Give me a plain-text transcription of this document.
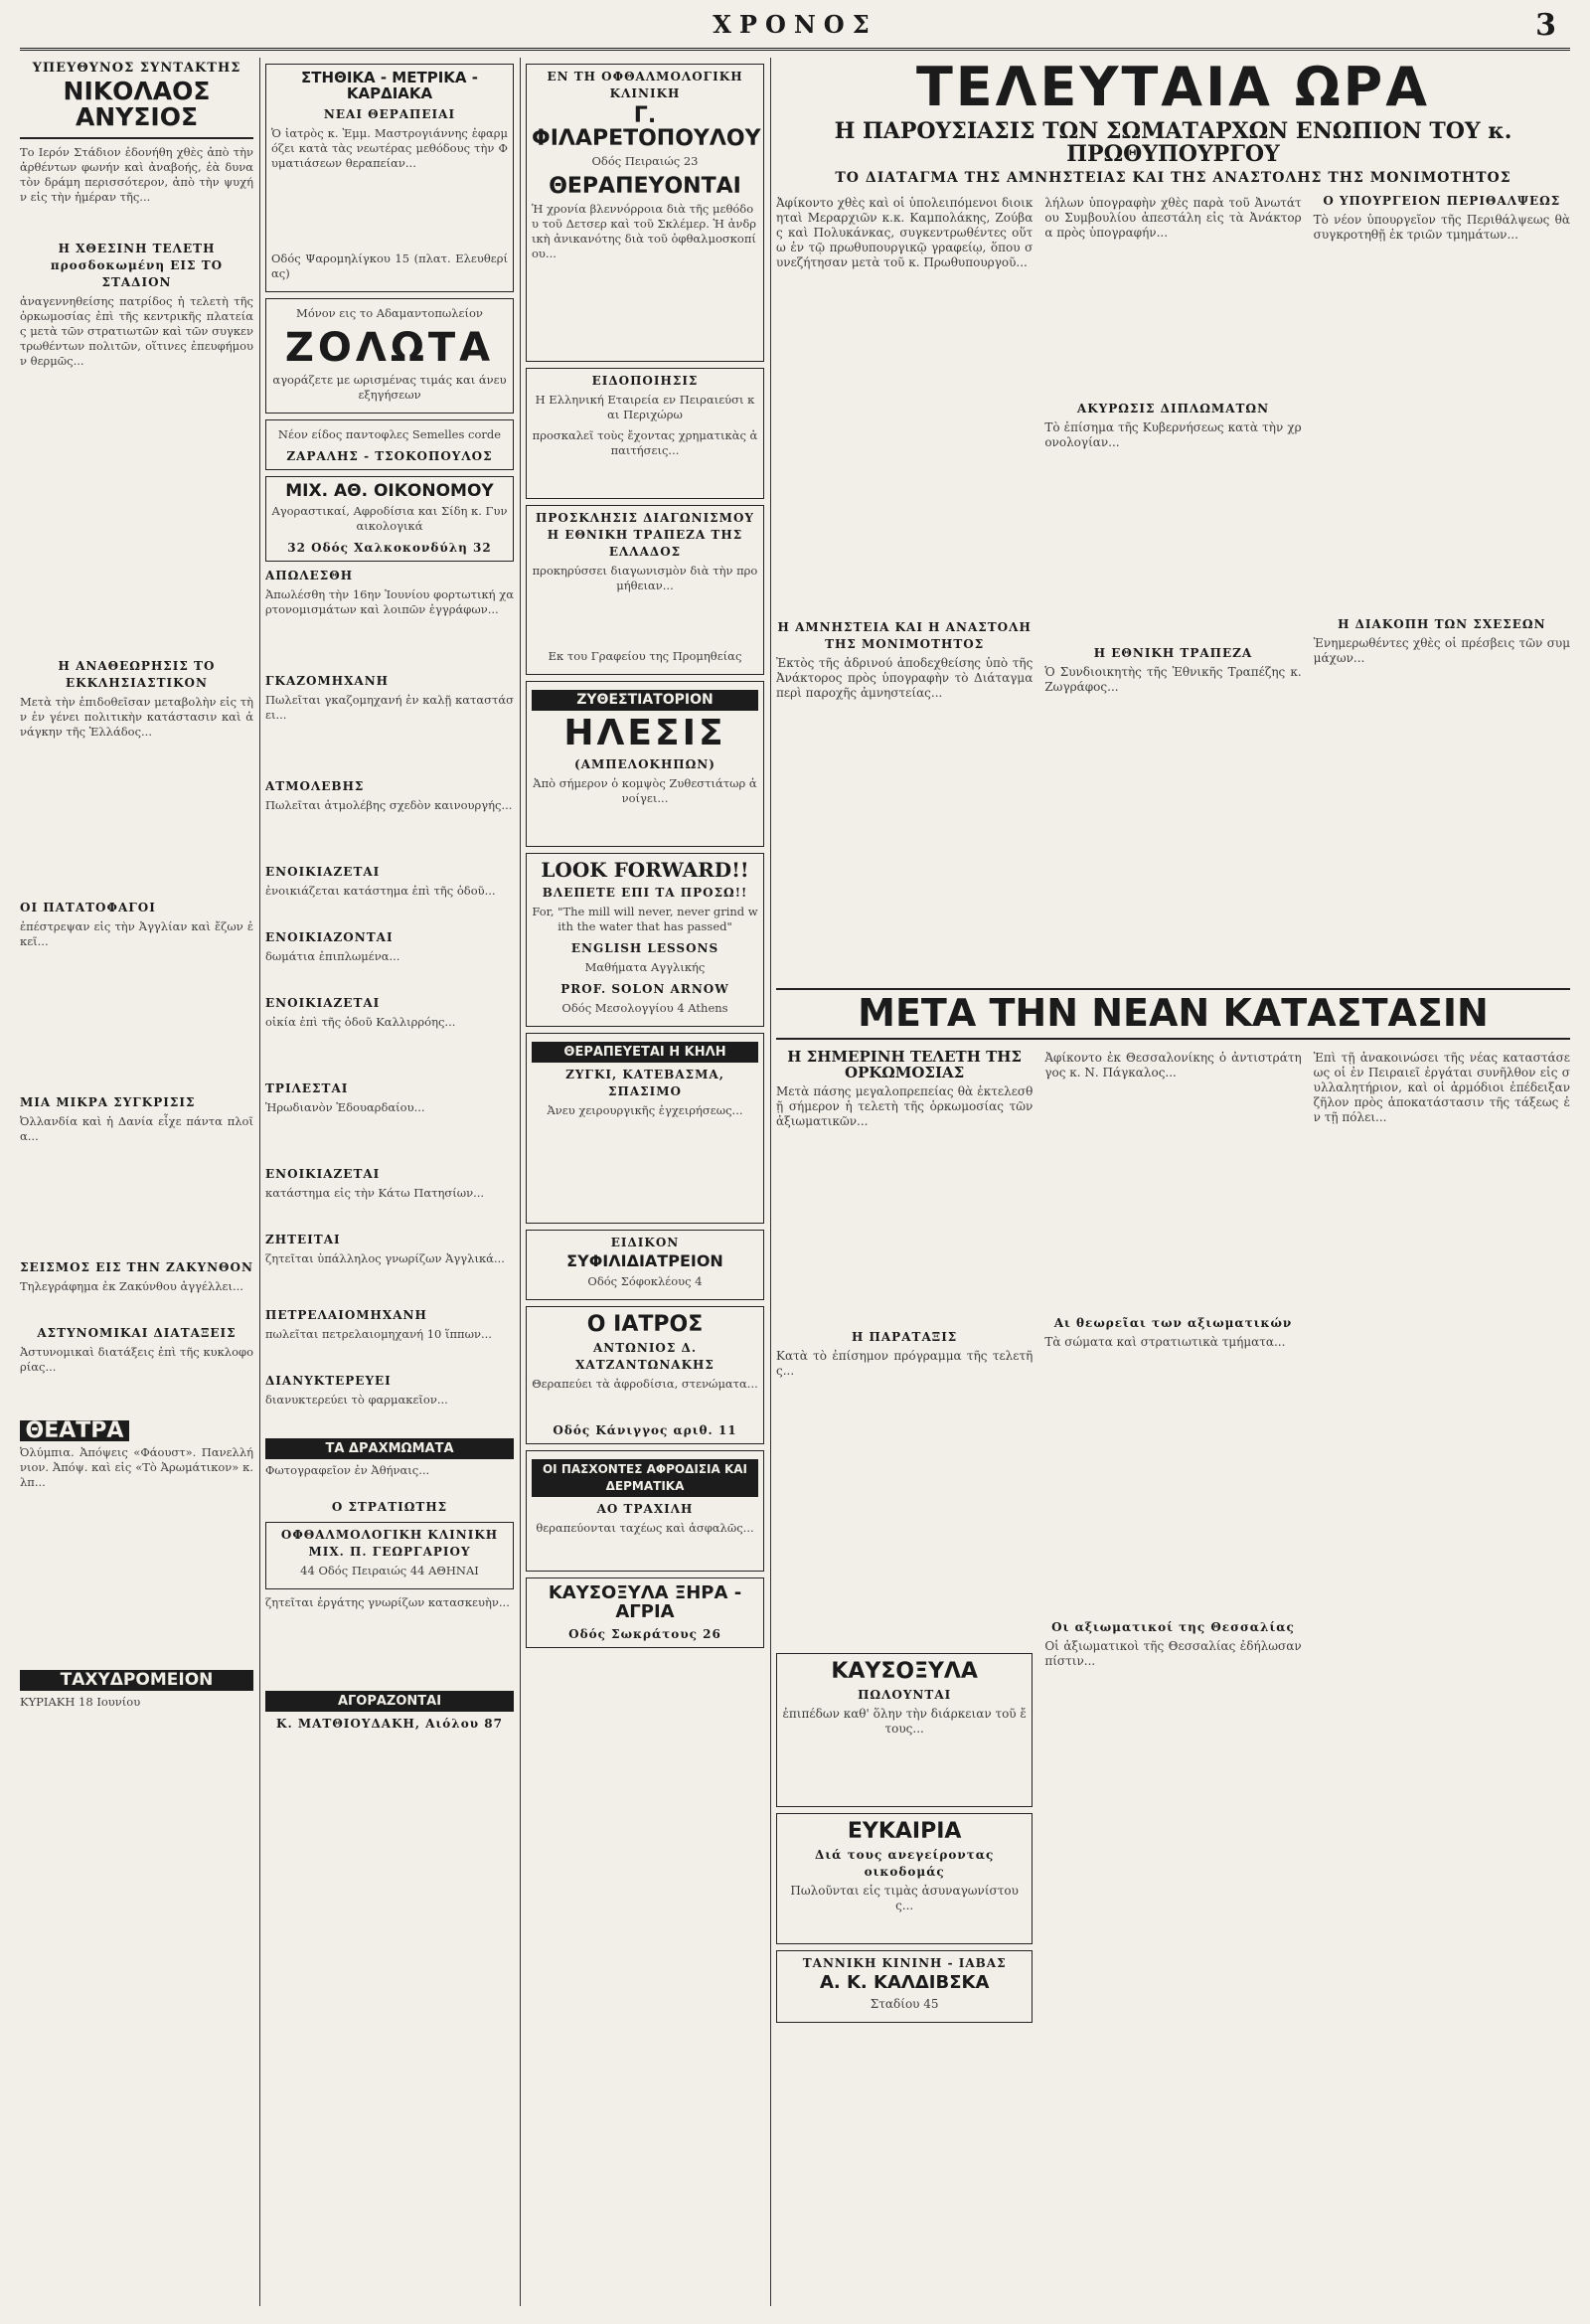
ΧΡΟΝΟΣ	3
ΥΠΕΥΘΥΝΟΣ ΣΥΝΤΑΚΤΗΣ
ΝΙΚΟΛΑΟΣ ΑΝΥΣΙΟΣ
Το Ιερόν Στάδιον ἐδονήθη χθὲς ἀπὸ τὴν ἀρθέντων φωνήν καὶ ἀναβοής, ἐὰ δυνατὸν δράμη περισσότερον, ἀπὸ τὴν ψυχήν εἰς τὴν ἡμέραν τῆς...
Η ΧΘΕΣΙΝΗ ΤΕΛΕΤΗ προσδοκωμένη ΕΙΣ ΤΟ ΣΤΑΔΙΟΝ
ἀναγεννηθείσης πατρίδος ἡ τελετὴ τῆς ὁρκωμοσίας ἐπὶ τῆς κεντρικῆς πλατείας μετὰ τῶν στρατιωτῶν καὶ τῶν συγκεντρωθέντων πολιτῶν, οἵτινες ἐπευφήμουν θερμῶς...
Η ΑΝΑΘΕΩΡΗΣΙΣ ΤΟ ΕΚΚΛΗΣΙΑΣΤΙΚΟΝ
Μετὰ τὴν ἐπιδοθεῖσαν μεταβολὴν εἰς τὴν ἐν γένει πολιτικὴν κατάστασιν καὶ ἀνάγκην τῆς Ἑλλάδος...
ΟΙ ΠΑΤΑΤΟΦΑΓΟΙ
ἐπέστρεψαν εἰς τὴν Ἀγγλίαν καὶ ἔζων ἐκεῖ...
ΜΙΑ ΜΙΚΡΑ ΣΥΓΚΡΙΣΙΣ
Ὀλλανδία καὶ ἡ Δανία εἶχε πάντα πλοῖα...
ΣΕΙΣΜΟΣ ΕΙΣ ΤΗΝ ΖΑΚΥΝΘΟΝ
Τηλεγράφημα ἐκ Ζακύνθου ἀγγέλλει...
ΑΣΤΥΝΟΜΙΚΑΙ ΔΙΑΤΑΞΕΙΣ
Ἀστυνομικαὶ διατάξεις ἐπὶ τῆς κυκλοφορίας...
ΘΕΑΤΡΑ
Ὀλύμπια. Ἀπόψεις «Φάουστ». Πανελλήνιον. Ἀπόψ. καὶ εἰς «Τὸ Ἀρωμάτικον» κ.λπ...
ΤΑΧΥΔΡΟΜΕΙΟΝ
ΚΥΡΙΑΚΗ 18 Ιουνίου
ΣΤΗΘΙΚΑ - ΜΕΤΡΙΚΑ - ΚΑΡΔΙΑΚΑ
ΝΕΑΙ ΘΕΡΑΠΕΙΑΙ
Ὁ ἰατρὸς κ. Ἐμμ. Μαστρογιάννης ἐφαρμόζει κατὰ τὰς νεωτέρας μεθόδους τὴν Φυματιάσεων θεραπείαν...
Οδός Ψαρομηλίγκου 15 (πλατ. Ελευθερίας)
Μόνον εις το Αδαμαντοπωλείον
ΖΟΛΩΤΑ
αγοράζετε με ωρισμένας τιμάς και άνευ εξηγήσεων
Νέον είδος παντοφλες Semelles corde
ΖΑΡΑΛΗΣ - ΤΣΟΚΟΠΟΥΛΟΣ
ΜΙΧ. ΑΘ. ΟΙΚΟΝΟΜΟΥ
Αγοραστικαί, Αφροδίσια και Σίδη κ. Γυναικολογικά
32 Οδός Χαλκοκονδύλη 32
ΑΠΩΛΕΣΘΗ
Ἀπωλέσθη τὴν 16ην Ἰουνίου φορτωτική χαρτονομισμάτων καὶ λοιπῶν ἐγγράφων...
ΓΚΑΖΟΜΗΧΑΝΗ
Πωλεῖται γκαζομηχανή ἐν καλῇ καταστάσει...
ΑΤΜΟΛΕΒΗΣ
Πωλεῖται ἀτμολέβης σχεδὸν καινουργής...
ΕΝΟΙΚΙΑΖΕΤΑΙ
ἐνοικιάζεται κατάστημα ἐπὶ τῆς ὁδοῦ...
ΕΝΟΙΚΙΑΖΟΝΤΑΙ
δωμάτια ἐπιπλωμένα...
ΕΝΟΙΚΙΑΖΕΤΑΙ
οἰκία ἐπὶ τῆς ὁδοῦ Καλλιρρόης...
ΤΡΙΛΕΣΤΑΙ
Ἡρωδιανὸν Ἐδουαρδαίου...
ΕΝΟΙΚΙΑΖΕΤΑΙ
κατάστημα εἰς τὴν Κάτω Πατησίων...
ΖΗΤΕΙΤΑΙ
ζητεῖται ὑπάλληλος γνωρίζων Ἀγγλικά...
ΠΕΤΡΕΛΑΙΟΜΗΧΑΝΗ
πωλεῖται πετρελαιομηχανή 10 ἵππων...
ΔΙΑΝΥΚΤΕΡΕΥΕΙ
διανυκτερεύει τὸ φαρμακεῖον...
ΤΑ ΔΡΑΧΜΩΜΑΤΑ
Φωτογραφεῖον ἐν Ἀθήναις...
Ο ΣΤΡΑΤΙΩΤΗΣ
ΟΦΘΑΛΜΟΛΟΓΙΚΗ ΚΛΙΝΙΚΗ ΜΙΧ. Π. ΓΕΩΡΓΑΡΙΟΥ
44 Οδός Πειραιώς 44 ΑΘΗΝΑΙ
ζητεῖται ἐργάτης γνωρίζων κατασκευὴν...
ΑΓΟΡΑΖΟΝΤΑΙ
Κ. ΜΑΤΘΙΟΥΔΑΚΗ, Αιόλου 87
ΕΝ ΤΗ ΟΦΘΑΛΜΟΛΟΓΙΚΗ ΚΛΙΝΙΚΗ
Γ. ΦΙΛΑΡΕΤΟΠΟΥΛΟΥ
Οδός Πειραιώς 23
ΘΕΡΑΠΕΥΟΝΤΑΙ
Ἡ χρονία βλεννόρροια διὰ τῆς μεθόδου τοῦ Δετσερ καὶ τοῦ Σκλέμερ. Ἡ ἀνδρικὴ ἀνικανότης διὰ τοῦ ὀφθαλμοσκοπίου...
ΕΙΔΟΠΟΙΗΣΙΣ
Η Ελληνική Εταιρεία εν Πειραιεύσι και Περιχώρω
προσκαλεῖ τοὺς ἔχοντας χρηματικὰς ἀπαιτήσεις...
ΠΡΟΣΚΛΗΣΙΣ ΔΙΑΓΩΝΙΣΜΟΥ
Η ΕΘΝΙΚΗ ΤΡΑΠΕΖΑ ΤΗΣ ΕΛΛΑΔΟΣ
προκηρύσσει διαγωνισμὸν διὰ τὴν προμήθειαν...
Εκ του Γραφείου της Προμηθείας
ΖΥΘΕΣΤΙΑΤΟΡΙΟΝ
ΗΛΕΣΙΣ
(ΑΜΠΕΛΟΚΗΠΩΝ)
Ἀπὸ σήμερον ὁ κομψὸς Ζυθεστιάτωρ ἀνοίγει...
LOOK FORWARD!!
ΒΛΕΠΕΤΕ ΕΠΙ ΤΑ ΠΡΟΣΩ!!
For, "The mill will never, never grind with the water that has passed"
ENGLISH LESSONS
Μαθήματα Αγγλικής
PROF. SOLON ARNOW
Οδός Μεσολογγίου 4 Athens
ΘΕΡΑΠΕΥΕΤΑΙ Η ΚΗΛΗ
ΖΥΓΚΙ, ΚΑΤΕΒΑΣΜΑ, ΣΠΑΣΙΜΟ
Ἀνευ χειρουργικῆς ἐγχειρήσεως...
ΕΙΔΙΚΟΝ
ΣΥΦΙΛΙΔΙΑΤΡΕΙΟΝ
Οδός Σόφοκλέους 4
Ο ΙΑΤΡΟΣ
ΑΝΤΩΝΙΟΣ Δ. ΧΑΤΖΑΝΤΩΝΑΚΗΣ
Θεραπεύει τὰ ἀφροδίσια, στενώματα...
Οδός Κάνιγγος αριθ. 11
ΟΙ ΠΑΣΧΟΝΤΕΣ ΑΦΡΟΔΙΣΙΑ ΚΑΙ ΔΕΡΜΑΤΙΚΑ
ΑΟ ΤΡΑΧΙΛΗ
θεραπεύονται ταχέως καὶ ἀσφαλῶς...
ΚΑΥΣΟΞΥΛΑ ΞΗΡΑ - ΑΓΡΙΑ
Οδός Σωκράτους 26
ΤΕΛΕΥΤΑΙΑ ΩΡΑ
Η ΠΑΡΟΥΣΙΑΣΙΣ ΤΩΝ ΣΩΜΑΤΑΡΧΩΝ ΕΝΩΠΙΟΝ ΤΟΥ κ. ΠΡΩΘΥΠΟΥΡΓΟΥ
ΤΟ ΔΙΑΤΑΓΜΑ ΤΗΣ ΑΜΝΗΣΤΕΙΑΣ ΚΑΙ ΤΗΣ ΑΝΑΣΤΟΛΗΣ ΤΗΣ ΜΟΝΙΜΟΤΗΤΟΣ
Ἀφίκοντο χθὲς καὶ οἱ ὑπολειπόμενοι διοικηταὶ Μεραρχιῶν κ.κ. Καμπολάκης, Ζούβας καὶ Πολυκάνκας, συγκεντρωθέντες οὕτω ἐν τῷ πρωθυπουργικῷ γραφείῳ, ὅπου συνεζήτησαν μετὰ τοῦ κ. Πρωθυπουργοῦ...
Η ΑΜΝΗΣΤΕΙΑ ΚΑΙ Η ΑΝΑΣΤΟΛΗ ΤΗΣ ΜΟΝΙΜΟΤΗΤΟΣ
Ἐκτὸς τῆς ἀδρινού ἀποδεχθείσης ὑπὸ τῆς Ἀνάκτορος πρὸς ὑπογραφὴν τὸ Διάταγμα περὶ παροχῆς ἀμνηστείας...
λήλων ὑπογραφὴν χθὲς παρὰ τοῦ Ἀνωτάτου Συμβουλίου ἀπεστάλη εἰς τὰ Ἀνάκτορα πρὸς ὑπογραφήν...
ΑΚΥΡΩΣΙΣ ΔΙΠΛΩΜΑΤΩΝ
Τὸ ἐπίσημα τῆς Κυβερνήσεως κατὰ τὴν χρονολογίαν...
Η ΕΘΝΙΚΗ ΤΡΑΠΕΖΑ
Ὁ Συνδιοικητὴς τῆς Ἐθνικῆς Τραπέζης κ. Ζωγράφος...
Ο ΥΠΟΥΡΓΕΙΟΝ ΠΕΡΙΘΑΛΨΕΩΣ
Τὸ νέον ὑπουργεῖον τῆς Περιθάλψεως θὰ συγκροτηθῇ ἐκ τριῶν τμημάτων...
Η ΔΙΑΚΟΠΗ ΤΩΝ ΣΧΕΣΕΩΝ
Ἐνημερωθέντες χθὲς οἱ πρέσβεις τῶν συμμάχων...
ΜΕΤΑ ΤΗΝ ΝΕΑΝ ΚΑΤΑΣΤΑΣΙΝ
Η ΣΗΜΕΡΙΝΗ ΤΕΛΕΤΗ ΤΗΣ ΟΡΚΩΜΟΣΙΑΣ
Μετὰ πάσης μεγαλοπρεπείας θὰ ἐκτελεσθῇ σήμερον ἡ τελετὴ τῆς ὁρκωμοσίας τῶν ἀξιωματικῶν...
Η ΠΑΡΑΤΑΞΙΣ
Κατὰ τὸ ἐπίσημον πρόγραμμα τῆς τελετῆς...
ΚΑΥΣΟΞΥΛΑ
ΠΩΛΟΥΝΤΑΙ
ἐπιπέδων καθ' ὅλην τὴν διάρκειαν τοῦ ἔτους...
ΕΥΚΑΙΡΙΑ
Διά τους ανεγείροντας οικοδομάς
Πωλοῦνται εἰς τιμὰς ἀσυναγωνίστους...
ΤΑΝΝΙΚΗ ΚΙΝΙΝΗ - ΙΑΒΑΣ
Α. Κ. ΚΑΛΔΙΒΣΚΑ
Σταδίου 45
Ἀφίκοντο ἐκ Θεσσαλονίκης ὁ ἀντιστράτηγος κ. Ν. Πάγκαλος...
Αι θεωρεῖαι των αξιωματικών
Τὰ σώματα καὶ στρατιωτικὰ τμήματα...
Οι αξιωματικοί της Θεσσαλίας
Οἱ ἀξιωματικοὶ τῆς Θεσσαλίας ἐδήλωσαν πίστιν...
Ἐπὶ τῇ ἀνακοινώσει τῆς νέας καταστάσεως οἱ ἐν Πειραιεῖ ἐργάται συνῆλθον εἰς συλλαλητήριον, καὶ οἱ ἀρμόδιοι ἐπέδειξαν ζῆλον πρὸς ἀποκατάστασιν τῆς τάξεως ἐν τῇ πόλει...
